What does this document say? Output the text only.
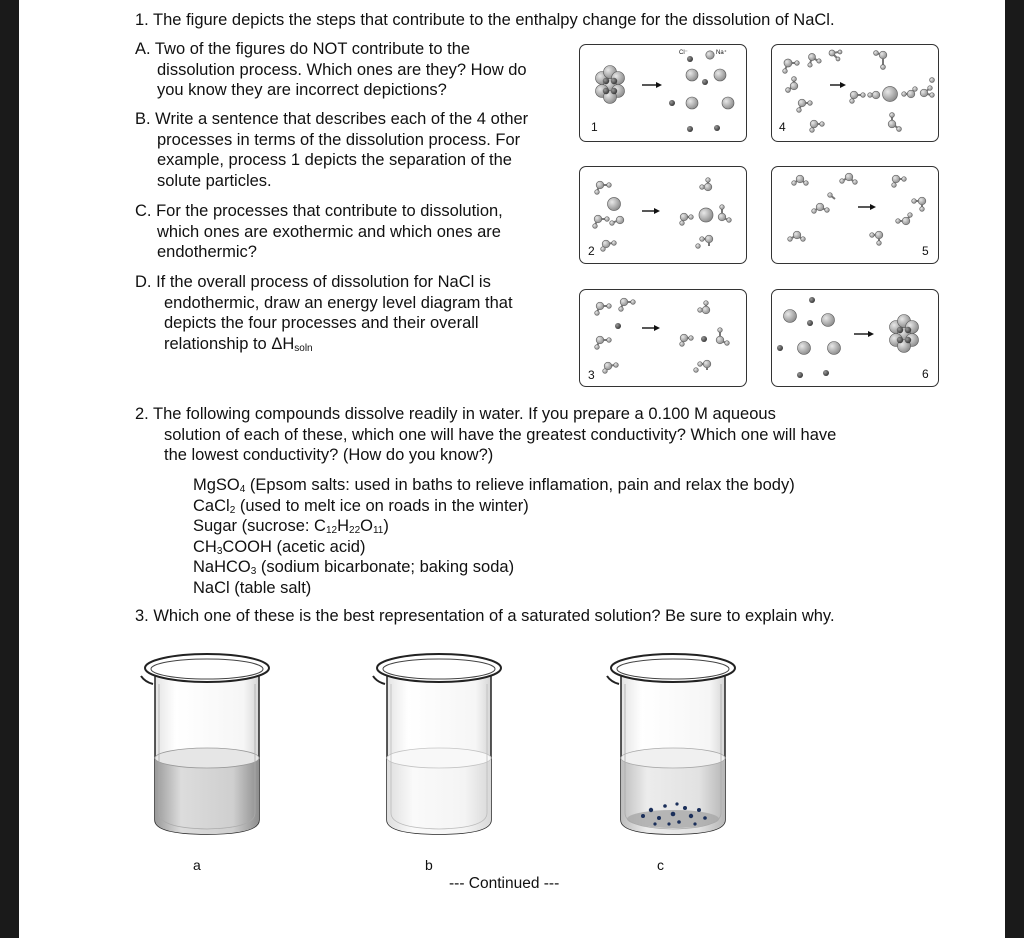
1. The figure depicts the steps that contribute to the enthalpy change for the dissolution of NaCl.
A. Two of the figures do NOT contribute to the
dissolution process. Which ones are they? How do
you know they are incorrect depictions?
B. Write a sentence that describes each of the 4 other
processes in terms of the dissolution process. For
example, process 1 depicts the separation of the
solute particles.
C. For the processes that contribute to dissolution,
which ones are exothermic and which ones are
endothermic?
D. If the overall process of dissolution for NaCl is
endothermic, draw an energy level diagram that
depicts the four processes and their overall
relationship to $\Delta H_{soln}$
1
Cl⁻	Na⁺
4
2	5
3	6
2. The following compounds dissolve readily in water. If you prepare a 0.100 M aqueous
solution of each of these, which one will have the greatest conductivity? Which one will have
the lowest conductivity? (How do you know?)
MgSO$_4$ (Epsom salts: used in baths to relieve inflamation, pain and relax the body)
CaCl$_2$ (used to melt ice on roads in the winter)
Sugar (sucrose: $C_{12}H_{22}O_{11}$)
$CH_3COOH$ (acetic acid)
NaHCO$_3$ (sodium bicarbonate; baking soda)
NaCl (table salt)
3. Which one of these is the best representation of a saturated solution? Be sure to explain why.
a	b	c
--- Continued ---
